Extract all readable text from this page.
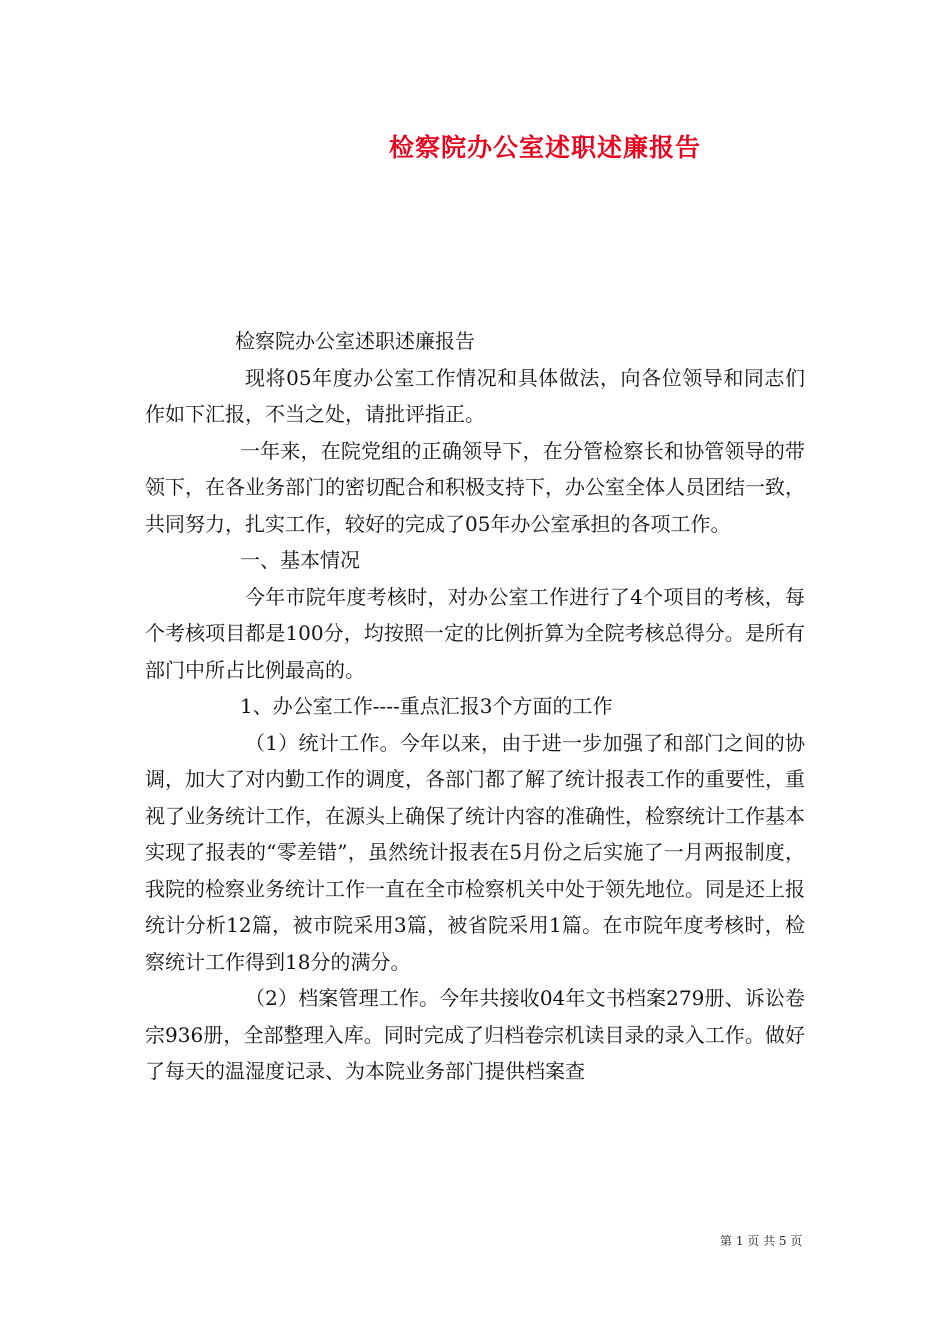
检察院办公室述职述廉报告

检察院办公室述职述廉报告

现将05年度办公室工作情况和具体做法，向各位领导和同志们作如下汇报，不当之处，请批评指正。

一年来，在院党组的正确领导下，在分管检察长和协管领导的带领下，在各业务部门的密切配合和积极支持下，办公室全体人员团结一致，共同努力，扎实工作，较好的完成了05年办公室承担的各项工作。

一、基本情况

今年市院年度考核时，对办公室工作进行了4个项目的考核，每个考核项目都是100分，均按照一定的比例折算为全院考核总得分。是所有部门中所占比例最高的。

1、办公室工作----重点汇报3个方面的工作

（1）统计工作。今年以来，由于进一步加强了和部门之间的协调，加大了对内勤工作的调度，各部门都了解了统计报表工作的重要性，重视了业务统计工作，在源头上确保了统计内容的准确性，检察统计工作基本实现了报表的“零差错”，虽然统计报表在5月份之后实施了一月两报制度，我院的检察业务统计工作一直在全市检察机关中处于领先地位。同是还上报统计分析12篇，被市院采用3篇，被省院采用1篇。在市院年度考核时，检察统计工作得到18分的满分。

（2）档案管理工作。今年共接收04年文书档案279册、诉讼卷宗936册，全部整理入库。同时完成了归档卷宗机读目录的录入工作。做好了每天的温湿度记录、为本院业务部门提供档案查

第 1 页 共 5 页
